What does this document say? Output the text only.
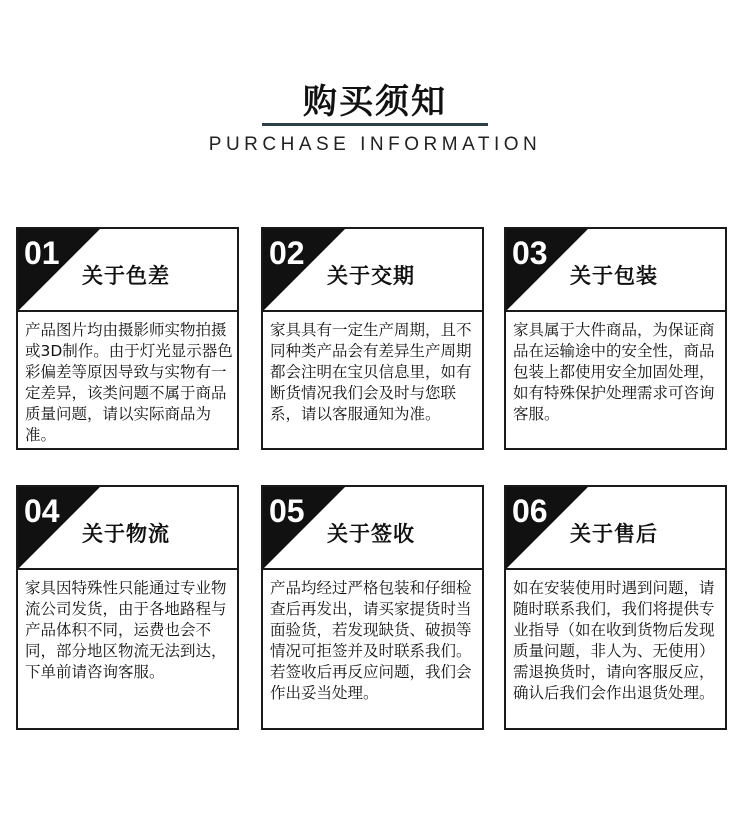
购买须知
PURCHASE INFORMATION
01
关于色差
产品图片均由摄影师实物拍摄或3D制作。由于灯光显示器色彩偏差等原因导致与实物有一定差异，该类问题不属于商品质量问题，请以实际商品为准。
02
关于交期
家具具有一定生产周期，且不同种类产品会有差异生产周期都会注明在宝贝信息里，如有断货情况我们会及时与您联系，请以客服通知为准。
03
关于包装
家具属于大件商品，为保证商品在运输途中的安全性，商品包装上都使用安全加固处理，如有特殊保护处理需求可咨询客服。
04
关于物流
家具因特殊性只能通过专业物流公司发货，由于各地路程与产品体积不同，运费也会不同，部分地区物流无法到达，下单前请咨询客服。
05
关于签收
产品均经过严格包装和仔细检查后再发出，请买家提货时当面验货，若发现缺货、破损等情况可拒签并及时联系我们。若签收后再反应问题，我们会作出妥当处理。
06
关于售后
如在安装使用时遇到问题，请随时联系我们，我们将提供专业指导（如在收到货物后发现质量问题，非人为、无使用）需退换货时，请向客服反应，确认后我们会作出退货处理。
